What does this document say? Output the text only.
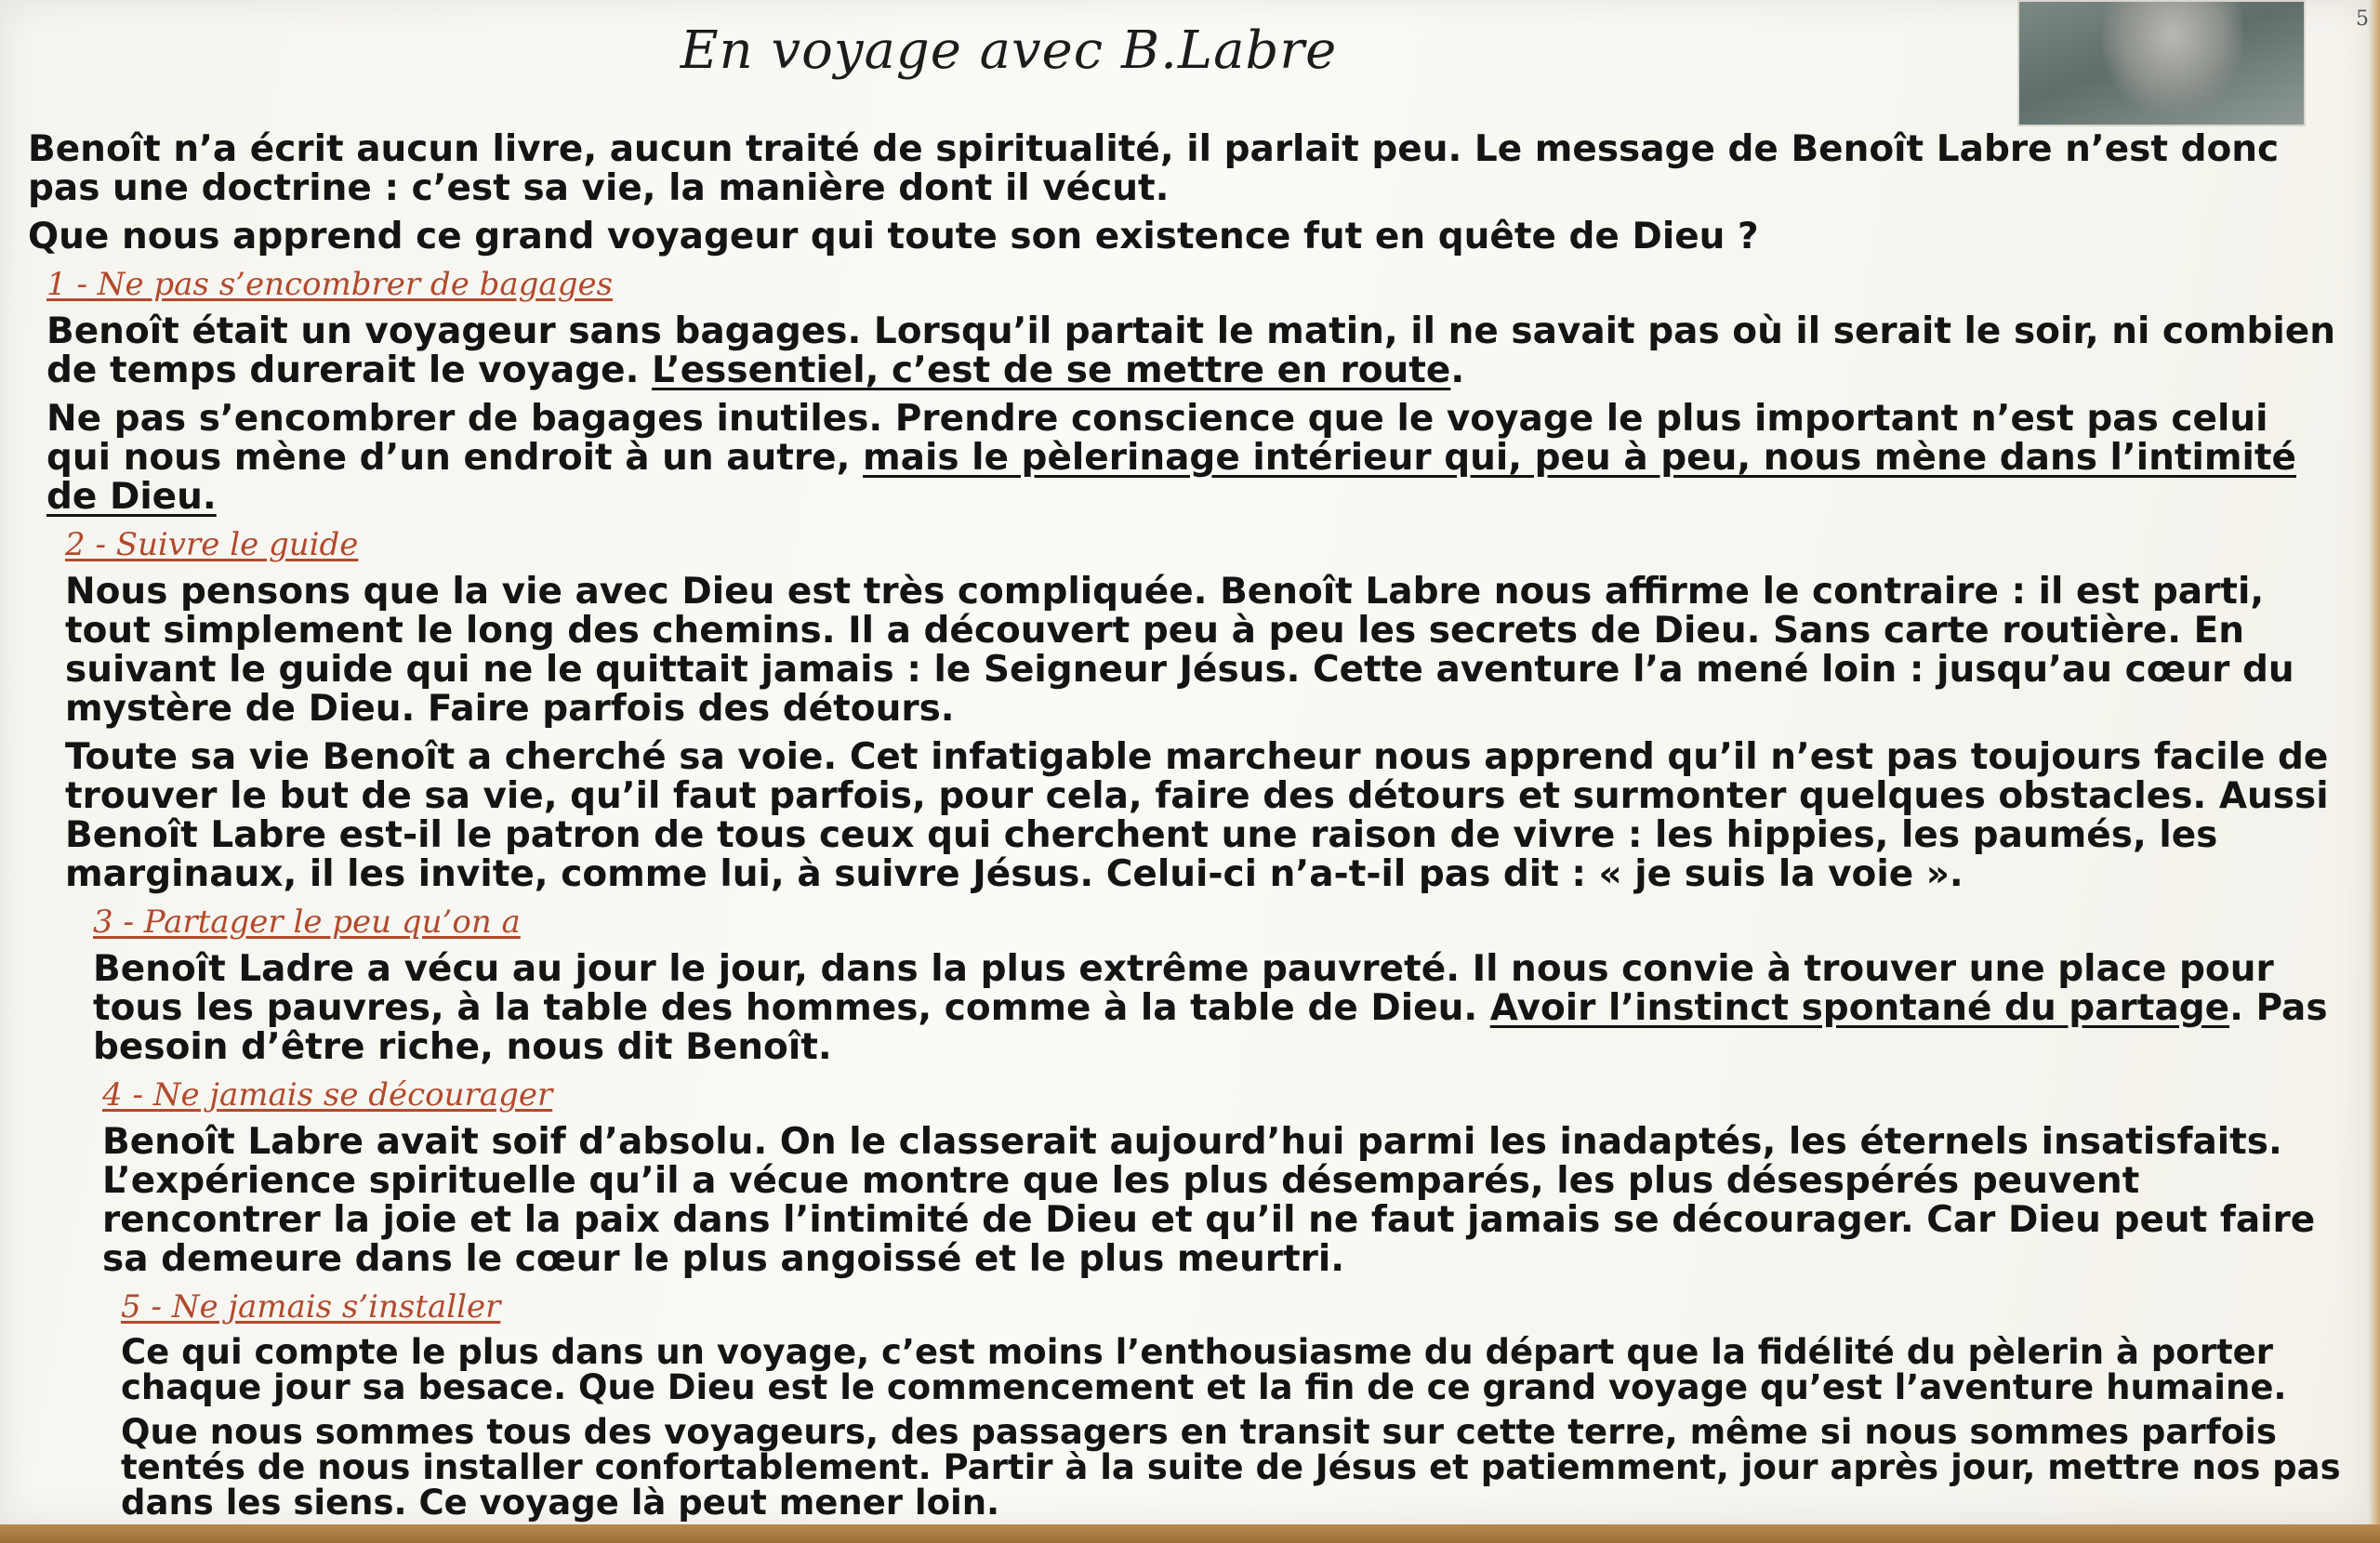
5
En voyage avec B.Labre

Benoît n’a écrit aucun livre, aucun traité de spiritualité, il parlait peu. Le message de Benoît Labre n’est donc pas une doctrine : c’est sa vie, la manière dont il vécut.

Que nous apprend ce grand voyageur qui toute son existence fut en quête de Dieu ?

1 - Ne pas s’encombrer de bagages

Benoît était un voyageur sans bagages. Lorsqu’il partait le matin, il ne savait pas où il serait le soir, ni combien de temps durerait le voyage. L’essentiel, c’est de se mettre en route.

Ne pas s’encombrer de bagages inutiles. Prendre conscience que le voyage le plus important n’est pas celui qui nous mène d’un endroit à un autre, mais le pèlerinage intérieur qui, peu à peu, nous mène dans l’intimité de Dieu.

2 - Suivre le guide

Nous pensons que la vie avec Dieu est très compliquée. Benoît Labre nous affirme le contraire : il est parti, tout simplement le long des chemins. Il a découvert peu à peu les secrets de Dieu. Sans carte routière. En suivant le guide qui ne le quittait jamais : le Seigneur Jésus. Cette aventure l’a mené loin : jusqu’au cœur du mystère de Dieu. Faire parfois des détours.

Toute sa vie Benoît a cherché sa voie. Cet infatigable marcheur nous apprend qu’il n’est pas toujours facile de trouver le but de sa vie, qu’il faut parfois, pour cela, faire des détours et surmonter quelques obstacles. Aussi Benoît Labre est-il le patron de tous ceux qui cherchent une raison de vivre : les hippies, les paumés, les marginaux, il les invite, comme lui, à suivre Jésus. Celui-ci n’a-t-il pas dit : « je suis la voie ».

3 - Partager le peu qu’on a

Benoît Ladre a vécu au jour le jour, dans la plus extrême pauvreté. Il nous convie à trouver une place pour tous les pauvres, à la table des hommes, comme à la table de Dieu. Avoir l’instinct spontané du partage. Pas besoin d’être riche, nous dit Benoît.

4 - Ne jamais se décourager

Benoît Labre avait soif d’absolu. On le classerait aujourd’hui parmi les inadaptés, les éternels insatisfaits. L’expérience spirituelle qu’il a vécue montre que les plus désemparés, les plus désespérés peuvent rencontrer la joie et la paix dans l’intimité de Dieu et qu’il ne faut jamais se décourager. Car Dieu peut faire sa demeure dans le cœur le plus angoissé et le plus meurtri.

5 - Ne jamais s’installer

Ce qui compte le plus dans un voyage, c’est moins l’enthousiasme du départ que la fidélité du pèlerin à porter chaque jour sa besace. Que Dieu est le commencement et la fin de ce grand voyage qu’est l’aventure humaine.

Que nous sommes tous des voyageurs, des passagers en transit sur cette terre, même si nous sommes parfois tentés de nous installer confortablement. Partir à la suite de Jésus et patiemment, jour après jour, mettre nos pas dans les siens. Ce voyage là peut mener loin.
